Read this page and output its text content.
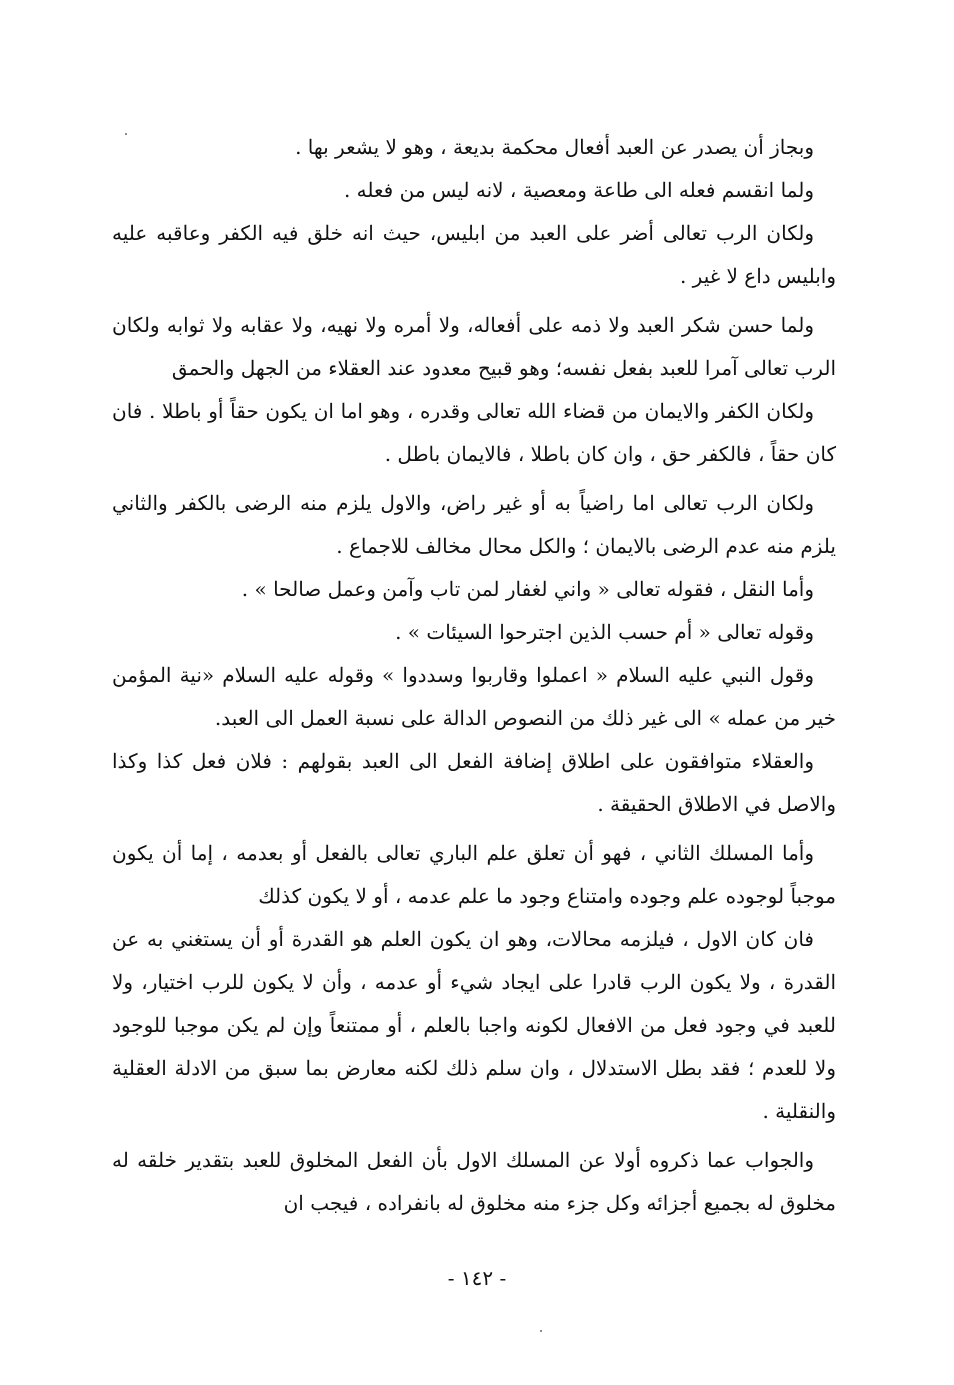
وبجاز أن يصدر عن العبد أفعال محكمة بديعة ، وهو لا يشعر بها .

ولما انقسم فعله الى طاعة ومعصية ، لانه ليس من فعله .

ولكان الرب تعالى أضر على العبد من ابليس، حيث انه خلق فيه الكفر وعاقبه عليه وابليس داع لا غير .

ولما حسن شكر العبد ولا ذمه على أفعاله، ولا أمره ولا نهيه، ولا عقابه ولا ثوابه ولكان الرب تعالى آمرا للعبد بفعل نفسه؛ وهو قبيح معدود عند العقلاء من الجهل والحمق

ولكان الكفر والايمان من قضاء الله تعالى وقدره ، وهو اما ان يكون حقاً أو باطلا . فان كان حقاً ، فالكفر حق ، وان كان باطلا ، فالايمان باطل .

ولكان الرب تعالى اما راضياً به أو غير راض، والاول يلزم منه الرضى بالكفر والثاني يلزم منه عدم الرضى بالايمان ؛ والكل محال مخالف للاجماع .

وأما النقل ، فقوله تعالى « واني لغفار لمن تاب وآمن وعمل صالحا » .

وقوله تعالى « أم حسب الذين اجترحوا السيئات » .

وقول النبي عليه السلام « اعملوا وقاربوا وسددوا » وقوله عليه السلام «نية المؤمن خير من عمله » الى غير ذلك من النصوص الدالة على نسبة العمل الى العبد.

والعقلاء متوافقون على اطلاق إضافة الفعل الى العبد بقولهم : فلان فعل كذا وكذا والاصل في الاطلاق الحقيقة .

وأما المسلك الثاني ، فهو أن تعلق علم الباري تعالى بالفعل أو بعدمه ، إما أن يكون موجباً لوجوده علم وجوده وامتناع وجود ما علم عدمه ، أو لا يكون كذلك

فان كان الاول ، فيلزمه محالات، وهو ان يكون العلم هو القدرة أو أن يستغني به عن القدرة ، ولا يكون الرب قادرا على ايجاد شيء أو عدمه ، وأن لا يكون للرب اختيار، ولا للعبد في وجود فعل من الافعال لكونه واجبا بالعلم ، أو ممتنعاً وإن لم يكن موجبا للوجود ولا للعدم ؛ فقد بطل الاستدلال ، وان سلم ذلك لكنه معارض بما سبق من الادلة العقلية والنقلية .

والجواب عما ذكروه أولا عن المسلك الاول بأن الفعل المخلوق للعبد بتقدير خلقه له مخلوق له بجميع أجزائه وكل جزء منه مخلوق له بانفراده ، فيجب ان

- ١٤٢ -
